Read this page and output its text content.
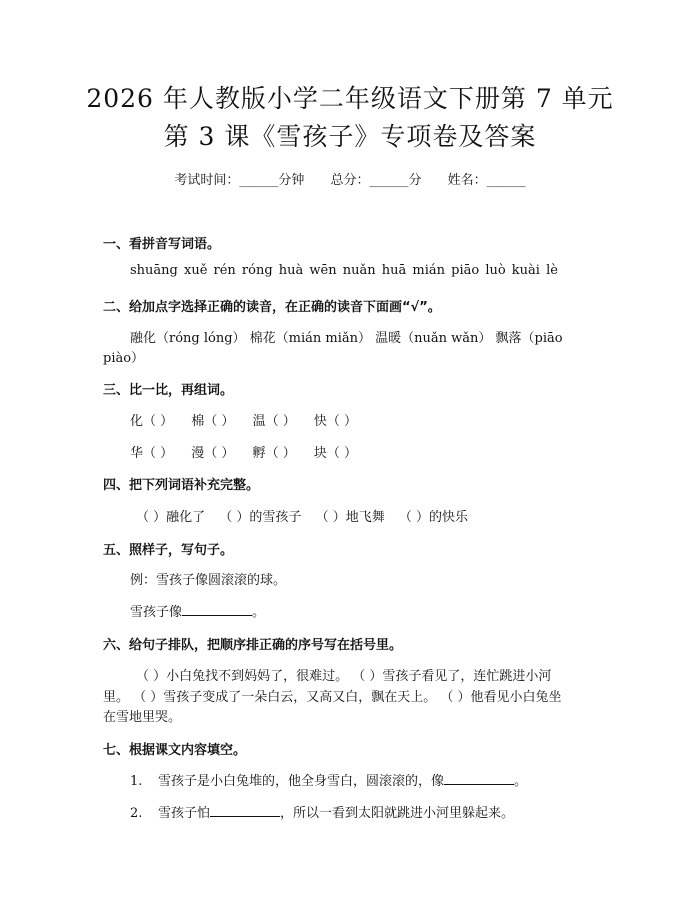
2026 年人教版小学二年级语文下册第 7 单元
第 3 课《雪孩子》专项卷及答案
考试时间：______分钟 总分：______分 姓名：______
一、看拼音写词语。
shuāng xuě rén róng huà wēn nuǎn huā mián piāo luò kuài lè
二、给加点字选择正确的读音，在正确的读音下面画“√”。
融化（róng lóng） 棉花（mián miǎn） 温暖（nuǎn wǎn） 飘落（piāo
piào）
三、比一比，再组词。
化（ ） 棉（ ） 温（ ） 快（ ）
华（ ） 漫（ ） 孵（ ） 块（ ）
四、把下列词语补充完整。
（ ）融化了 （ ）的雪孩子 （ ）地飞舞 （ ）的快乐
五、照样子，写句子。
例：雪孩子像圆滚滚的球。
雪孩子像	。
六、给句子排队，把顺序排正确的序号写在括号里。
（ ）小白兔找不到妈妈了，很难过。 （ ）雪孩子看见了，连忙跳进小河
里。 （ ）雪孩子变成了一朵白云，又高又白，飘在天上。 （ ）他看见小白兔坐
在雪地里哭。
七、根据课文内容填空。
1. 雪孩子是小白兔堆的，他全身雪白，圆滚滚的，像	。
2. 雪孩子怕	，所以一看到太阳就跳进小河里躲起来。
